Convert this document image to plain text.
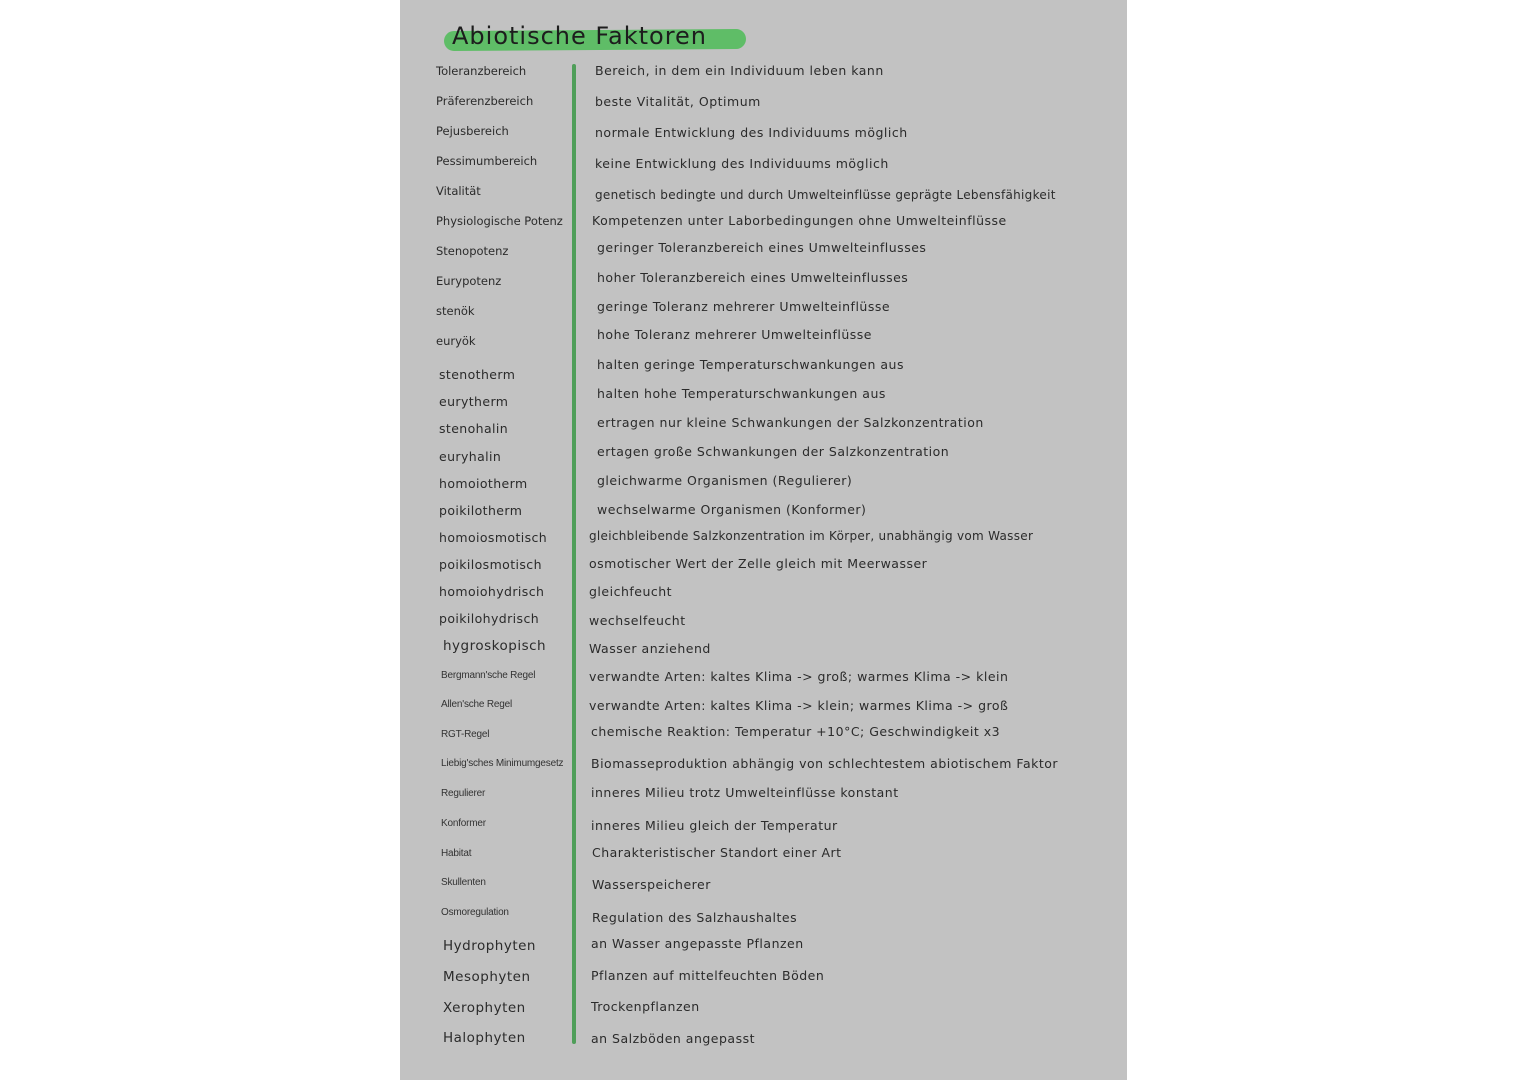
Abiotische Faktoren

Toleranzbereich

Präferenzbereich

Pejusbereich

Pessimumbereich

Vitalität

Physiologische Potenz

Stenopotenz

Eurypotenz

stenök

euryök

stenotherm

eurytherm

stenohalin

euryhalin

homoiotherm

poikilotherm

homoiosmotisch

poikilosmotisch

homoiohydrisch

poikilohydrisch

hygroskopisch

Bergmann'sche Regel

Allen'sche Regel

RGT-Regel

Liebig'sches Minimumgesetz

Regulierer

Konformer

Habitat

Skullenten

Osmoregulation

Hydrophyten

Mesophyten

Xerophyten

Halophyten

Bereich, in dem ein Individuum leben kann

beste Vitalität, Optimum

normale Entwicklung des Individuums möglich

keine Entwicklung des Individuums möglich

genetisch bedingte und durch Umwelteinflüsse geprägte Lebensfähigkeit

Kompetenzen unter Laborbedingungen ohne Umwelteinflüsse

geringer Toleranzbereich eines Umwelteinflusses

hoher Toleranzbereich eines Umwelteinflusses

geringe Toleranz mehrerer Umwelteinflüsse

hohe Toleranz mehrerer Umwelteinflüsse

halten geringe Temperaturschwankungen aus

halten hohe Temperaturschwankungen aus

ertragen nur kleine Schwankungen der Salzkonzentration

ertagen große Schwankungen der Salzkonzentration

gleichwarme Organismen (Regulierer)

wechselwarme Organismen (Konformer)

gleichbleibende Salzkonzentration im Körper, unabhängig vom Wasser

osmotischer Wert der Zelle gleich mit Meerwasser

gleichfeucht

wechselfeucht

Wasser anziehend

verwandte Arten: kaltes Klima -> groß; warmes Klima -> klein

verwandte Arten: kaltes Klima -> klein; warmes Klima -> groß

chemische Reaktion: Temperatur +10°C; Geschwindigkeit x3

Biomasseproduktion abhängig von schlechtestem abiotischem Faktor

inneres Milieu trotz Umwelteinflüsse konstant

inneres Milieu gleich der Temperatur

Charakteristischer Standort einer Art

Wasserspeicherer

Regulation des Salzhaushaltes

an Wasser angepasste Pflanzen

Pflanzen auf mittelfeuchten Böden

Trockenpflanzen

an Salzböden angepasst
